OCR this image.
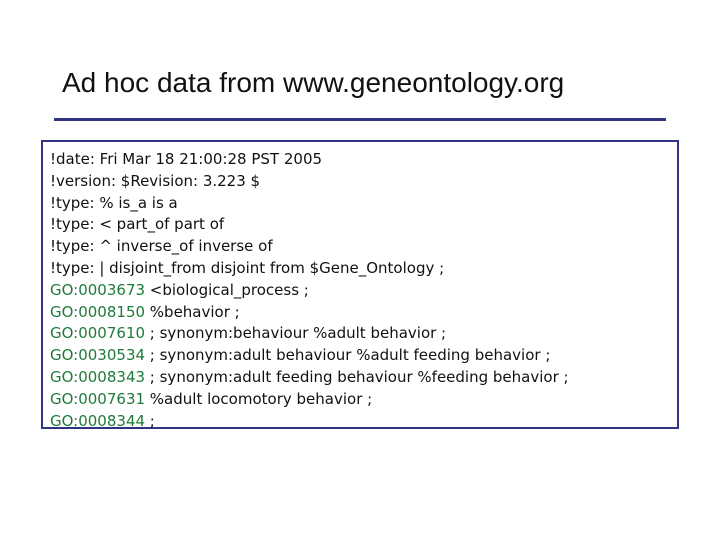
Ad hoc data from www.geneontology.org
!date: Fri Mar 18 21:00:28 PST 2005
!version: $Revision: 3.223 $
!type: % is_a is a
!type: < part_of part of
!type: ^ inverse_of inverse of
!type: | disjoint_from disjoint from $Gene_Ontology ;
GO:0003673 <biological_process ;
GO:0008150 %behavior ;
GO:0007610 ; synonym:behaviour %adult behavior ;
GO:0030534 ; synonym:adult behaviour %adult feeding behavior ;
GO:0008343 ; synonym:adult feeding behaviour %feeding behavior ;
GO:0007631 %adult locomotory behavior ;
GO:0008344 ;
